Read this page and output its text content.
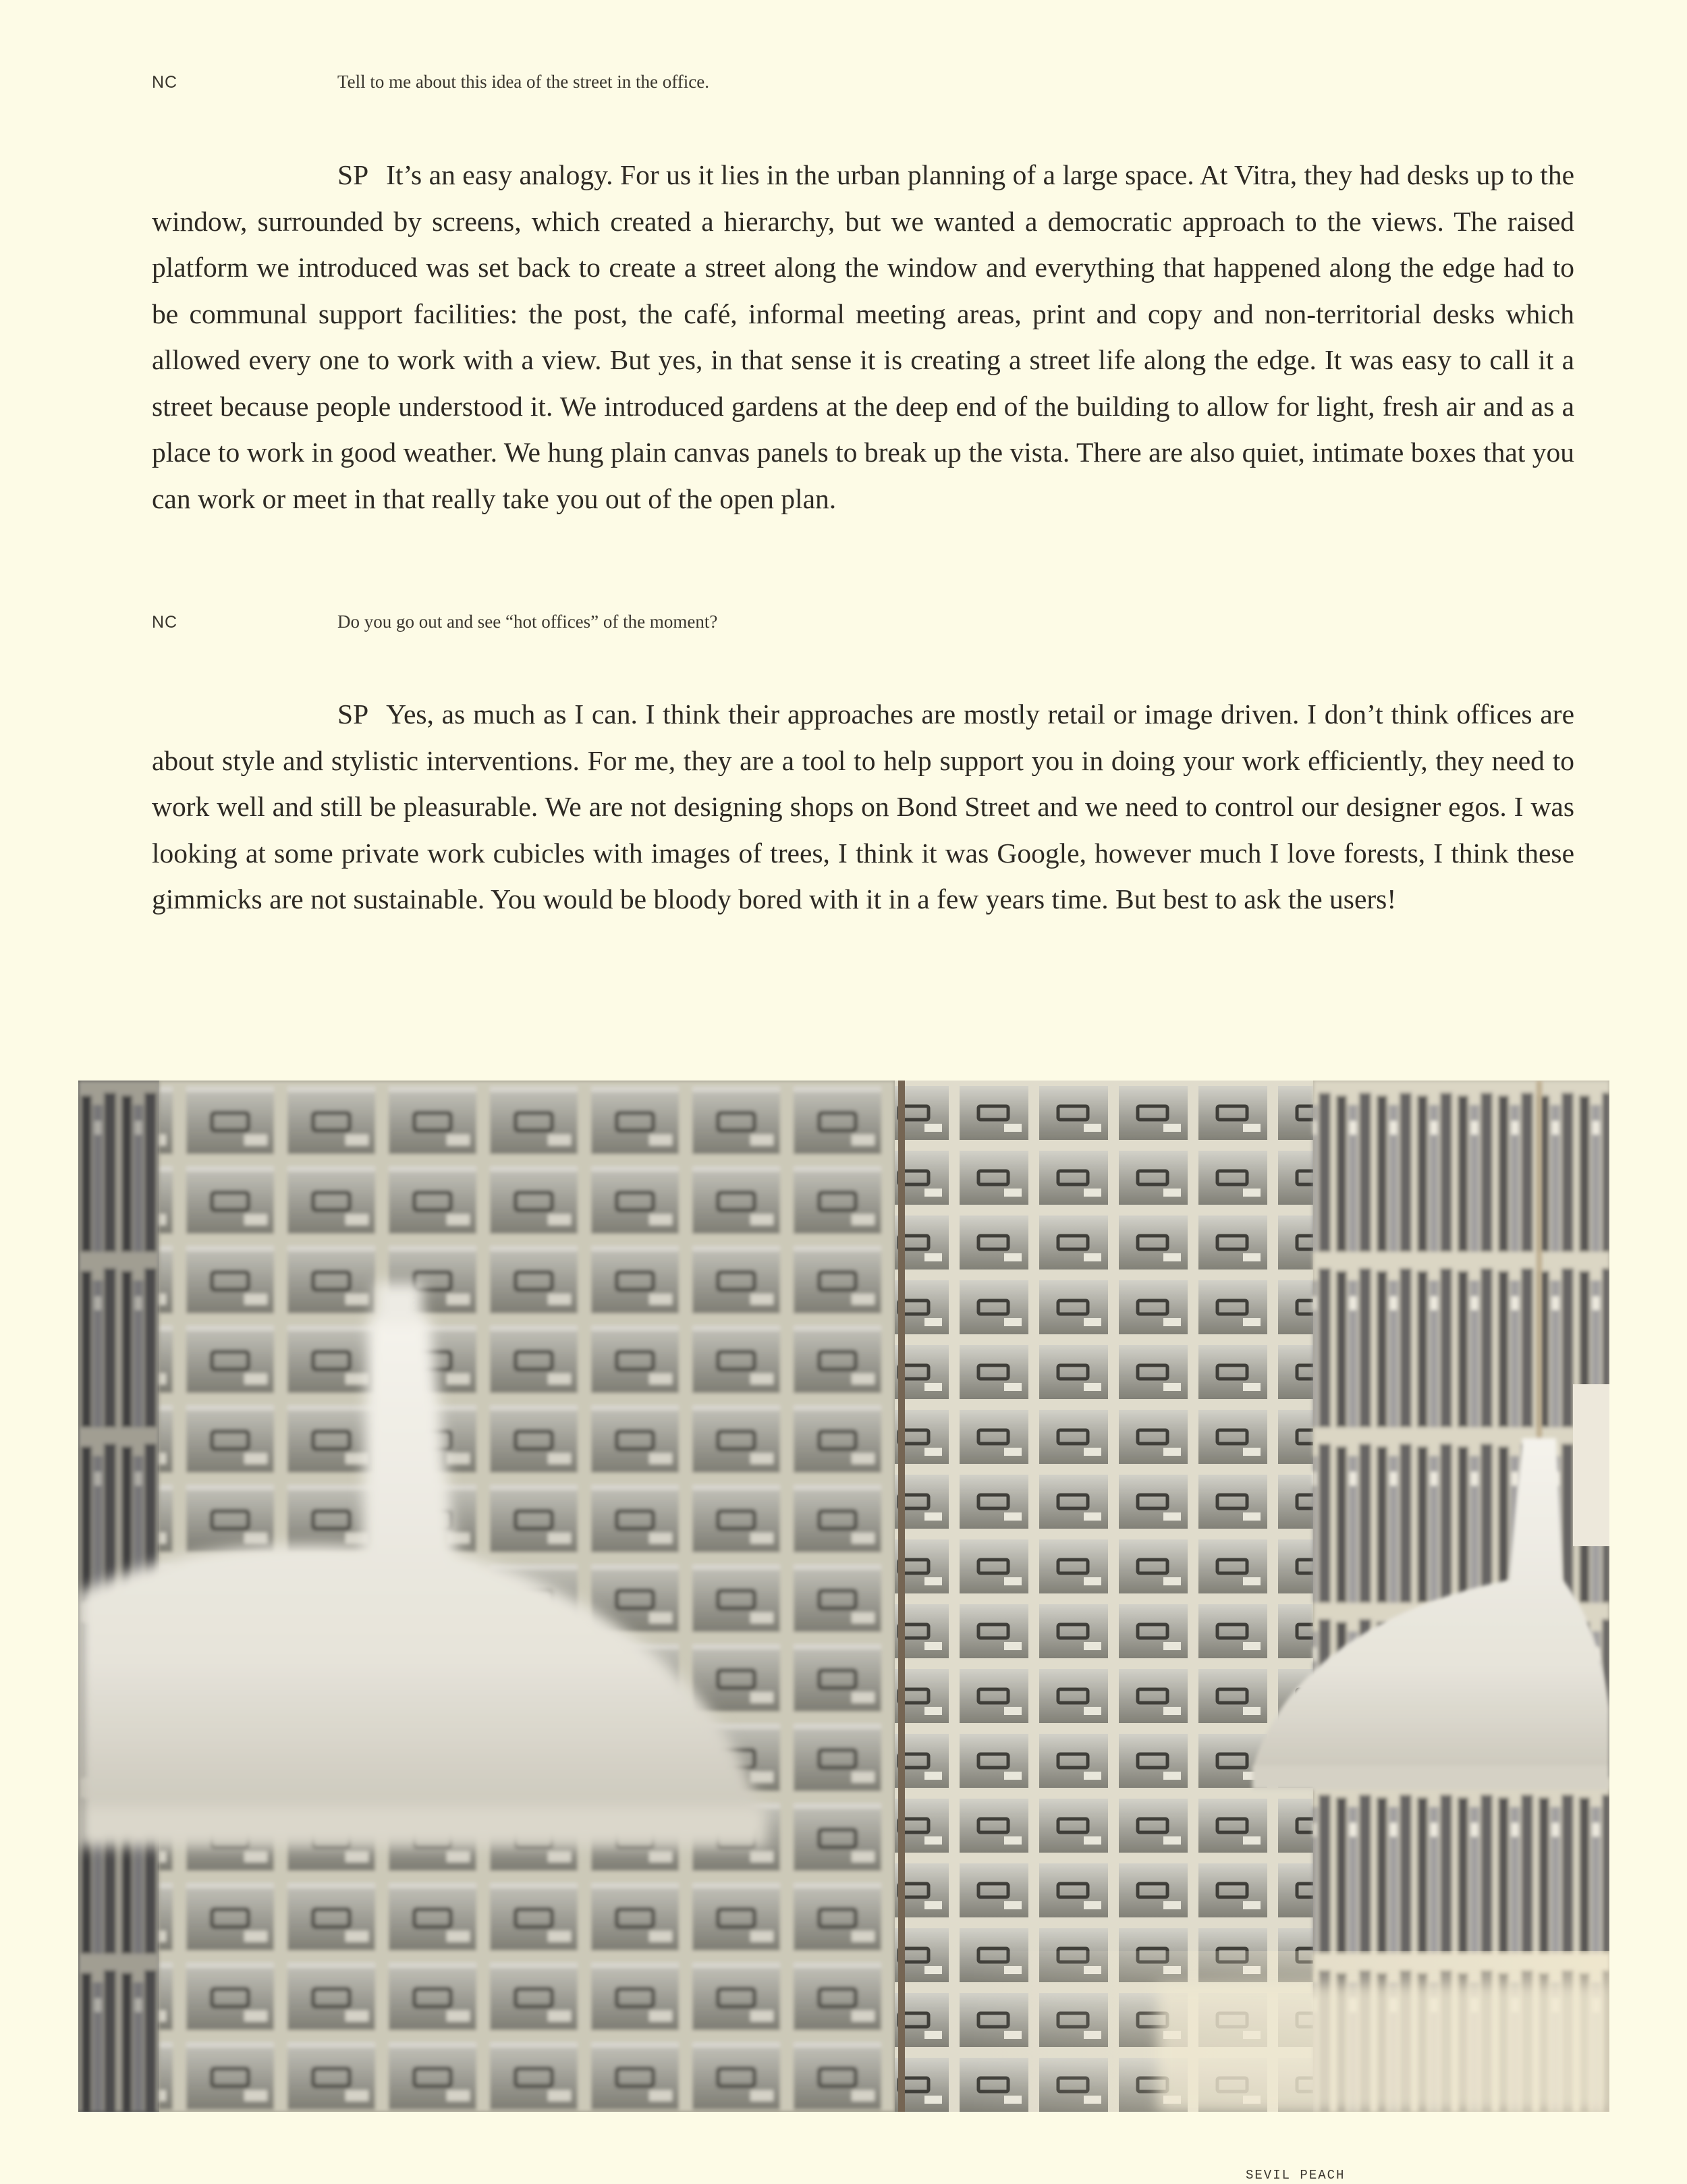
NC	Tell to me about this idea of the street in the office.

SP It’s an easy analogy. For us it lies in the urban planning of a large space. At Vitra, they had desks up to the window, surrounded by screens, which created a hierarchy, but we wanted a democratic approach to the views. The raised platform we introduced was set back to create a street along the window and everything that happened along the edge had to be communal support facilities: the post, the café, informal meeting areas, print and copy and non-territorial desks which allowed every one to work with a view. But yes, in that sense it is creating a street life along the edge. It was easy to call it a street because people understood it. We introduced gardens at the deep end of the building to allow for light, fresh air and as a place to work in good weather. We hung plain canvas panels to break up the vista. There are also quiet, intimate boxes that you can work or meet in that really take you out of the open plan.

NC	Do you go out and see “hot offices” of the moment?

SP Yes, as much as I can. I think their approaches are mostly retail or image driven. I don’t think offices are about style and stylistic interventions. For me, they are a tool to help support you in doing your work efficiently, they need to work well and still be pleasurable. We are not designing shops on Bond Street and we need to control our designer egos. I was looking at some private work cubicles with images of trees, I think it was Google, however much I love forests, I think these gimmicks are not sustainable. You would be bloody bored with it in a few years time. But best to ask the users!

SEVIL PEACH
